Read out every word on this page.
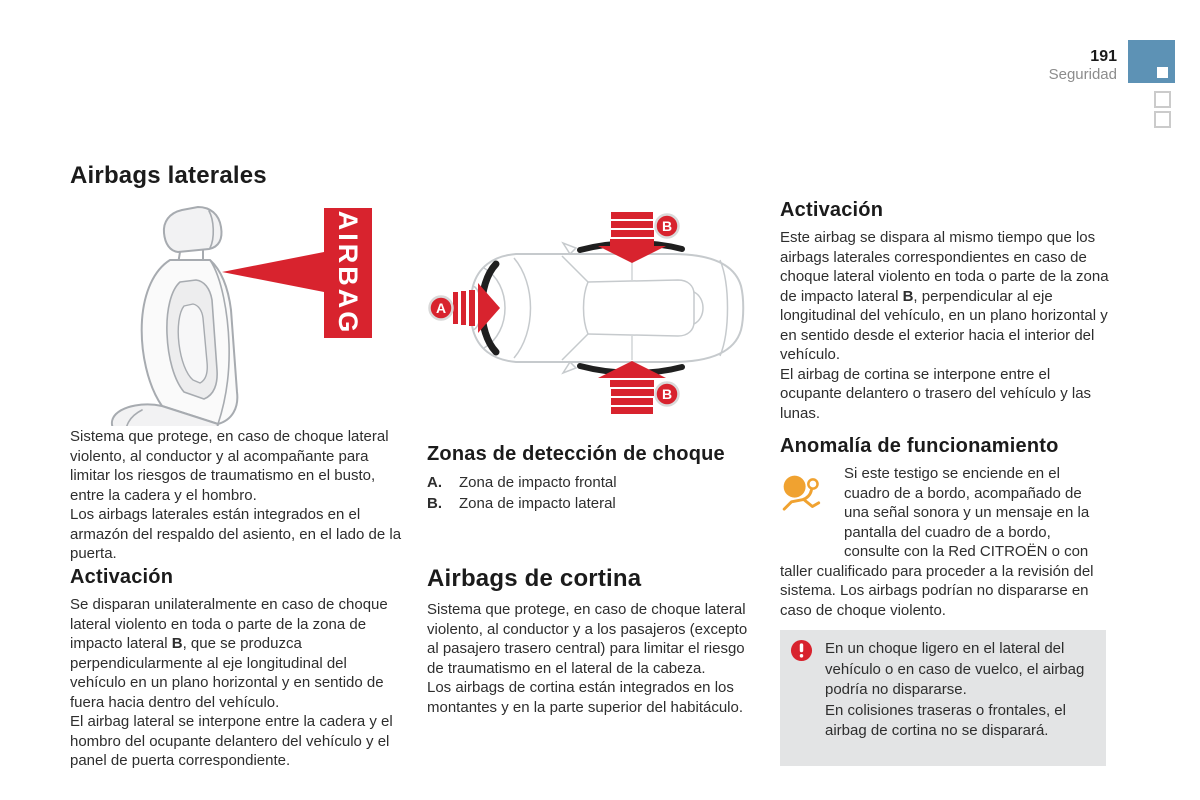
191
Seguridad
Airbags laterales
AIRBAG

Sistema que protege, en caso de choque lateral violento, al conductor y al acompañante para limitar los riesgos de traumatismo en el busto, entre la cadera y el hombro.

Los airbags laterales están integrados en el armazón del respaldo del asiento, en el lado de la puerta.

Activación

Se disparan unilateralmente en caso de choque lateral violento en toda o parte de la zona de impacto lateral B, que se produzca perpendicularmente al eje longitudinal del vehículo en un plano horizontal y en sentido de fuera hacia dentro del vehículo.

El airbag lateral se interpone entre la cadera y el hombro del ocupante delantero del vehículo y el panel de puerta correspondiente.

A
B
B
Zonas de detección de choque
A. Zona de impacto frontal
B. Zona de impacto lateral
Airbags de cortina

Sistema que protege, en caso de choque lateral violento, al conductor y a los pasajeros (excepto al pasajero trasero central) para limitar el riesgo de traumatismo en el lateral de la cabeza.

Los airbags de cortina están integrados en los montantes y en la parte superior del habitáculo.

Activación

Este airbag se dispara al mismo tiempo que los airbags laterales correspondientes en caso de choque lateral violento en toda o parte de la zona de impacto lateral B, perpendicular al eje longitudinal del vehículo, en un plano horizontal y en sentido desde el exterior hacia el interior del vehículo.

El airbag de cortina se interpone entre el ocupante delantero o trasero del vehículo y las lunas.

Anomalía de funcionamiento
Si este testigo se enciende en el cuadro de a bordo, acompañado de una señal sonora y un mensaje en la pantalla del cuadro de a bordo, consulte con la Red CITROËN o con taller cualificado para proceder a la revisión del sistema. Los airbags podrían no dispararse en caso de choque violento.

En un choque ligero en el lateral del vehículo o en caso de vuelco, el airbag podría no dispararse.

En colisiones traseras o frontales, el airbag de cortina no se disparará.
